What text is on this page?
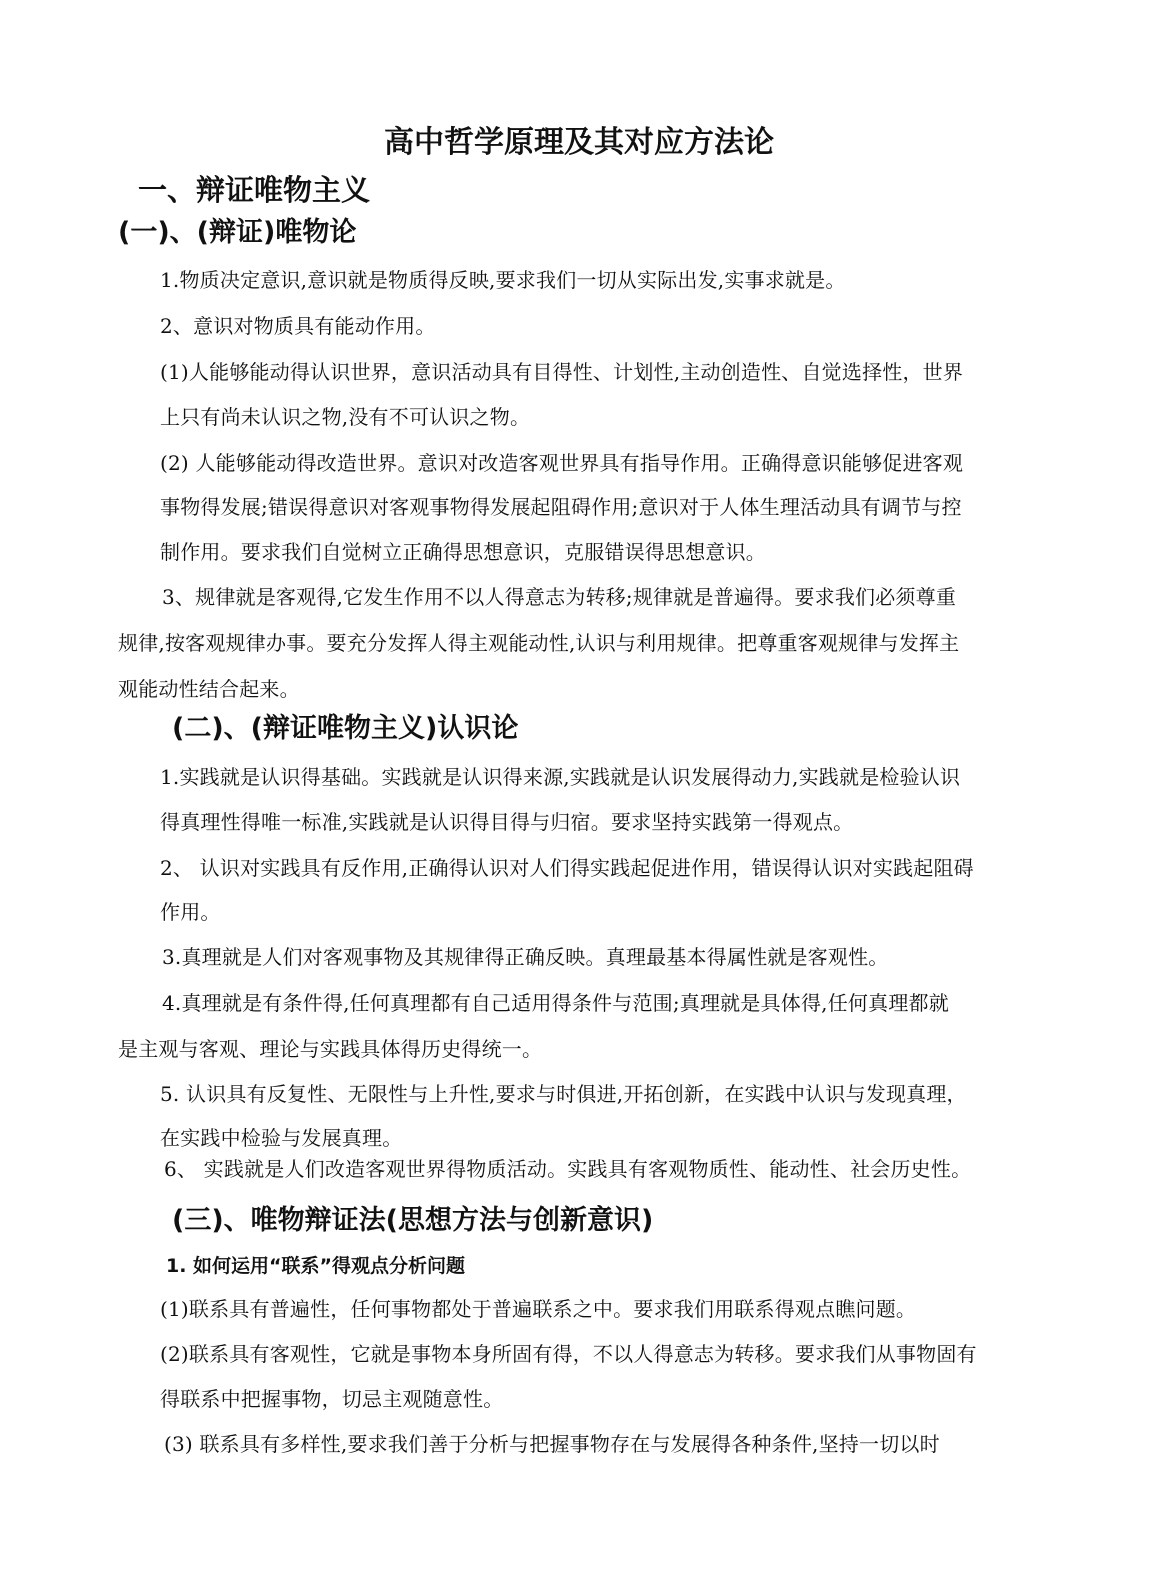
高中哲学原理及其对应方法论
一、辩证唯物主义
(一)、(辩证)唯物论
1.物质决定意识,意识就是物质得反映,要求我们一切从实际出发,实事求就是。
2、意识对物质具有能动作用。
(1)人能够能动得认识世界，意识活动具有目得性、计划性,主动创造性、自觉选择性，世界
上只有尚未认识之物,没有不可认识之物。
(2) 人能够能动得改造世界。意识对改造客观世界具有指导作用。正确得意识能够促进客观
事物得发展;错误得意识对客观事物得发展起阻碍作用;意识对于人体生理活动具有调节与控
制作用。要求我们自觉树立正确得思想意识，克服错误得思想意识。
3、规律就是客观得,它发生作用不以人得意志为转移;规律就是普遍得。要求我们必须尊重
规律,按客观规律办事。要充分发挥人得主观能动性,认识与利用规律。把尊重客观规律与发挥主
观能动性结合起来。
(二)、(辩证唯物主义)认识论
1.实践就是认识得基础。实践就是认识得来源,实践就是认识发展得动力,实践就是检验认识
得真理性得唯一标准,实践就是认识得目得与归宿。要求坚持实践第一得观点。
2、 认识对实践具有反作用,正确得认识对人们得实践起促进作用，错误得认识对实践起阻碍
作用。
3.真理就是人们对客观事物及其规律得正确反映。真理最基本得属性就是客观性。
4.真理就是有条件得,任何真理都有自己适用得条件与范围;真理就是具体得,任何真理都就
是主观与客观、理论与实践具体得历史得统一。
5. 认识具有反复性、无限性与上升性,要求与时俱进,开拓创新，在实践中认识与发现真理，
在实践中检验与发展真理。
6、 实践就是人们改造客观世界得物质活动。实践具有客观物质性、能动性、社会历史性。
(三)、唯物辩证法(思想方法与创新意识)
1. 如何运用“联系”得观点分析问题
(1)联系具有普遍性，任何事物都处于普遍联系之中。要求我们用联系得观点瞧问题。
(2)联系具有客观性，它就是事物本身所固有得，不以人得意志为转移。要求我们从事物固有
得联系中把握事物，切忌主观随意性。
(3) 联系具有多样性,要求我们善于分析与把握事物存在与发展得各种条件,坚持一切以时
